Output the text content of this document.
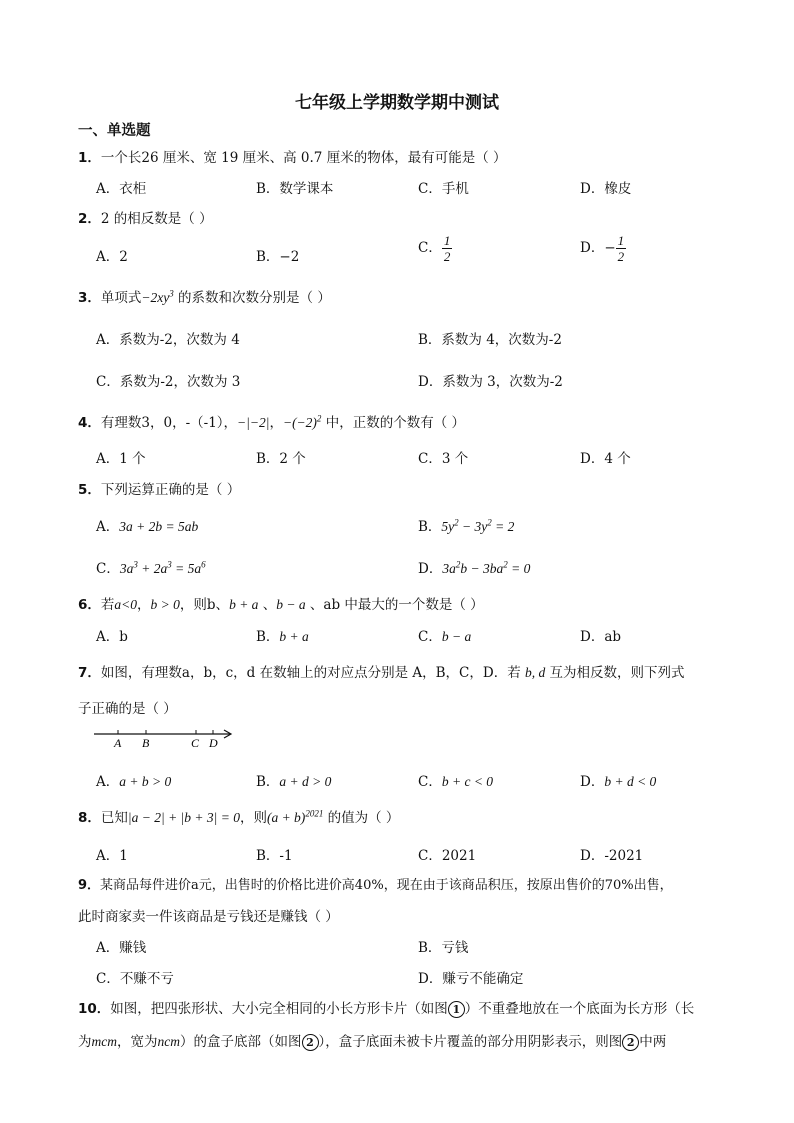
七年级上学期数学期中测试
一、单选题
1．一个长26 厘米、宽 19 厘米、高 0.7 厘米的物体，最有可能是（ ）
A．衣柜	B．数学课本	C．手机	D．橡皮
2．2 的相反数是（ ）
A．2	B．−2
C． $\frac{1}{2}$	D．− $\frac{1}{2}$
3．单项式$-2xy^3$ 的系数和次数分别是（ ）
A．系数为-2，次数为 4	B．系数为 4，次数为-2
C．系数为-2，次数为 3	D．系数为 3，次数为-2
4．有理数3，0，-（-1），−|−2|，$-(-2)^2$ 中，正数的个数有（ ）
A．1 个	B．2 个	C．3 个	D．4 个
5．下列运算正确的是（ ）
A．3a + 2b = 5ab	B．$5y^2 - 3y^2 = 2$
C．$3a^3 + 2a^3 = 5a^6$	D．$3a^2b - 3ba^2 = 0$
6．若a<0，b > 0，则b、b + a 、b − a 、ab 中最大的一个数是（ ）
A．b	B．b + a	C．b − a	D．ab
7．如图，有理数a，b，c，d 在数轴上的对应点分别是 A，B，C，D．若 b, d 互为相反数，则下列式
子正确的是（ ）
A B	C D
A．a + b > 0	B．a + d > 0	C．b + c < 0	D．b + d < 0
8．已知|a − 2| + |b + 3| = 0，则$(a + b)^{2021}$ 的值为（ ）
A．1	B．-1	C．2021	D．-2021
9．某商品每件进价a元，出售时的价格比进价高40%，现在由于该商品积压，按原出售价的70%出售，
此时商家卖一件该商品是亏钱还是赚钱（ ）
A．赚钱	B．亏钱
C．不赚不亏	D．赚亏不能确定
10．如图，把四张形状、大小完全相同的小长方形卡片（如图 1 ）不重叠地放在一个底面为长方形（长
为mcm，宽为ncm）的盒子底部（如图 2 ），盒子底面未被卡片覆盖的部分用阴影表示，则图 2 中两
